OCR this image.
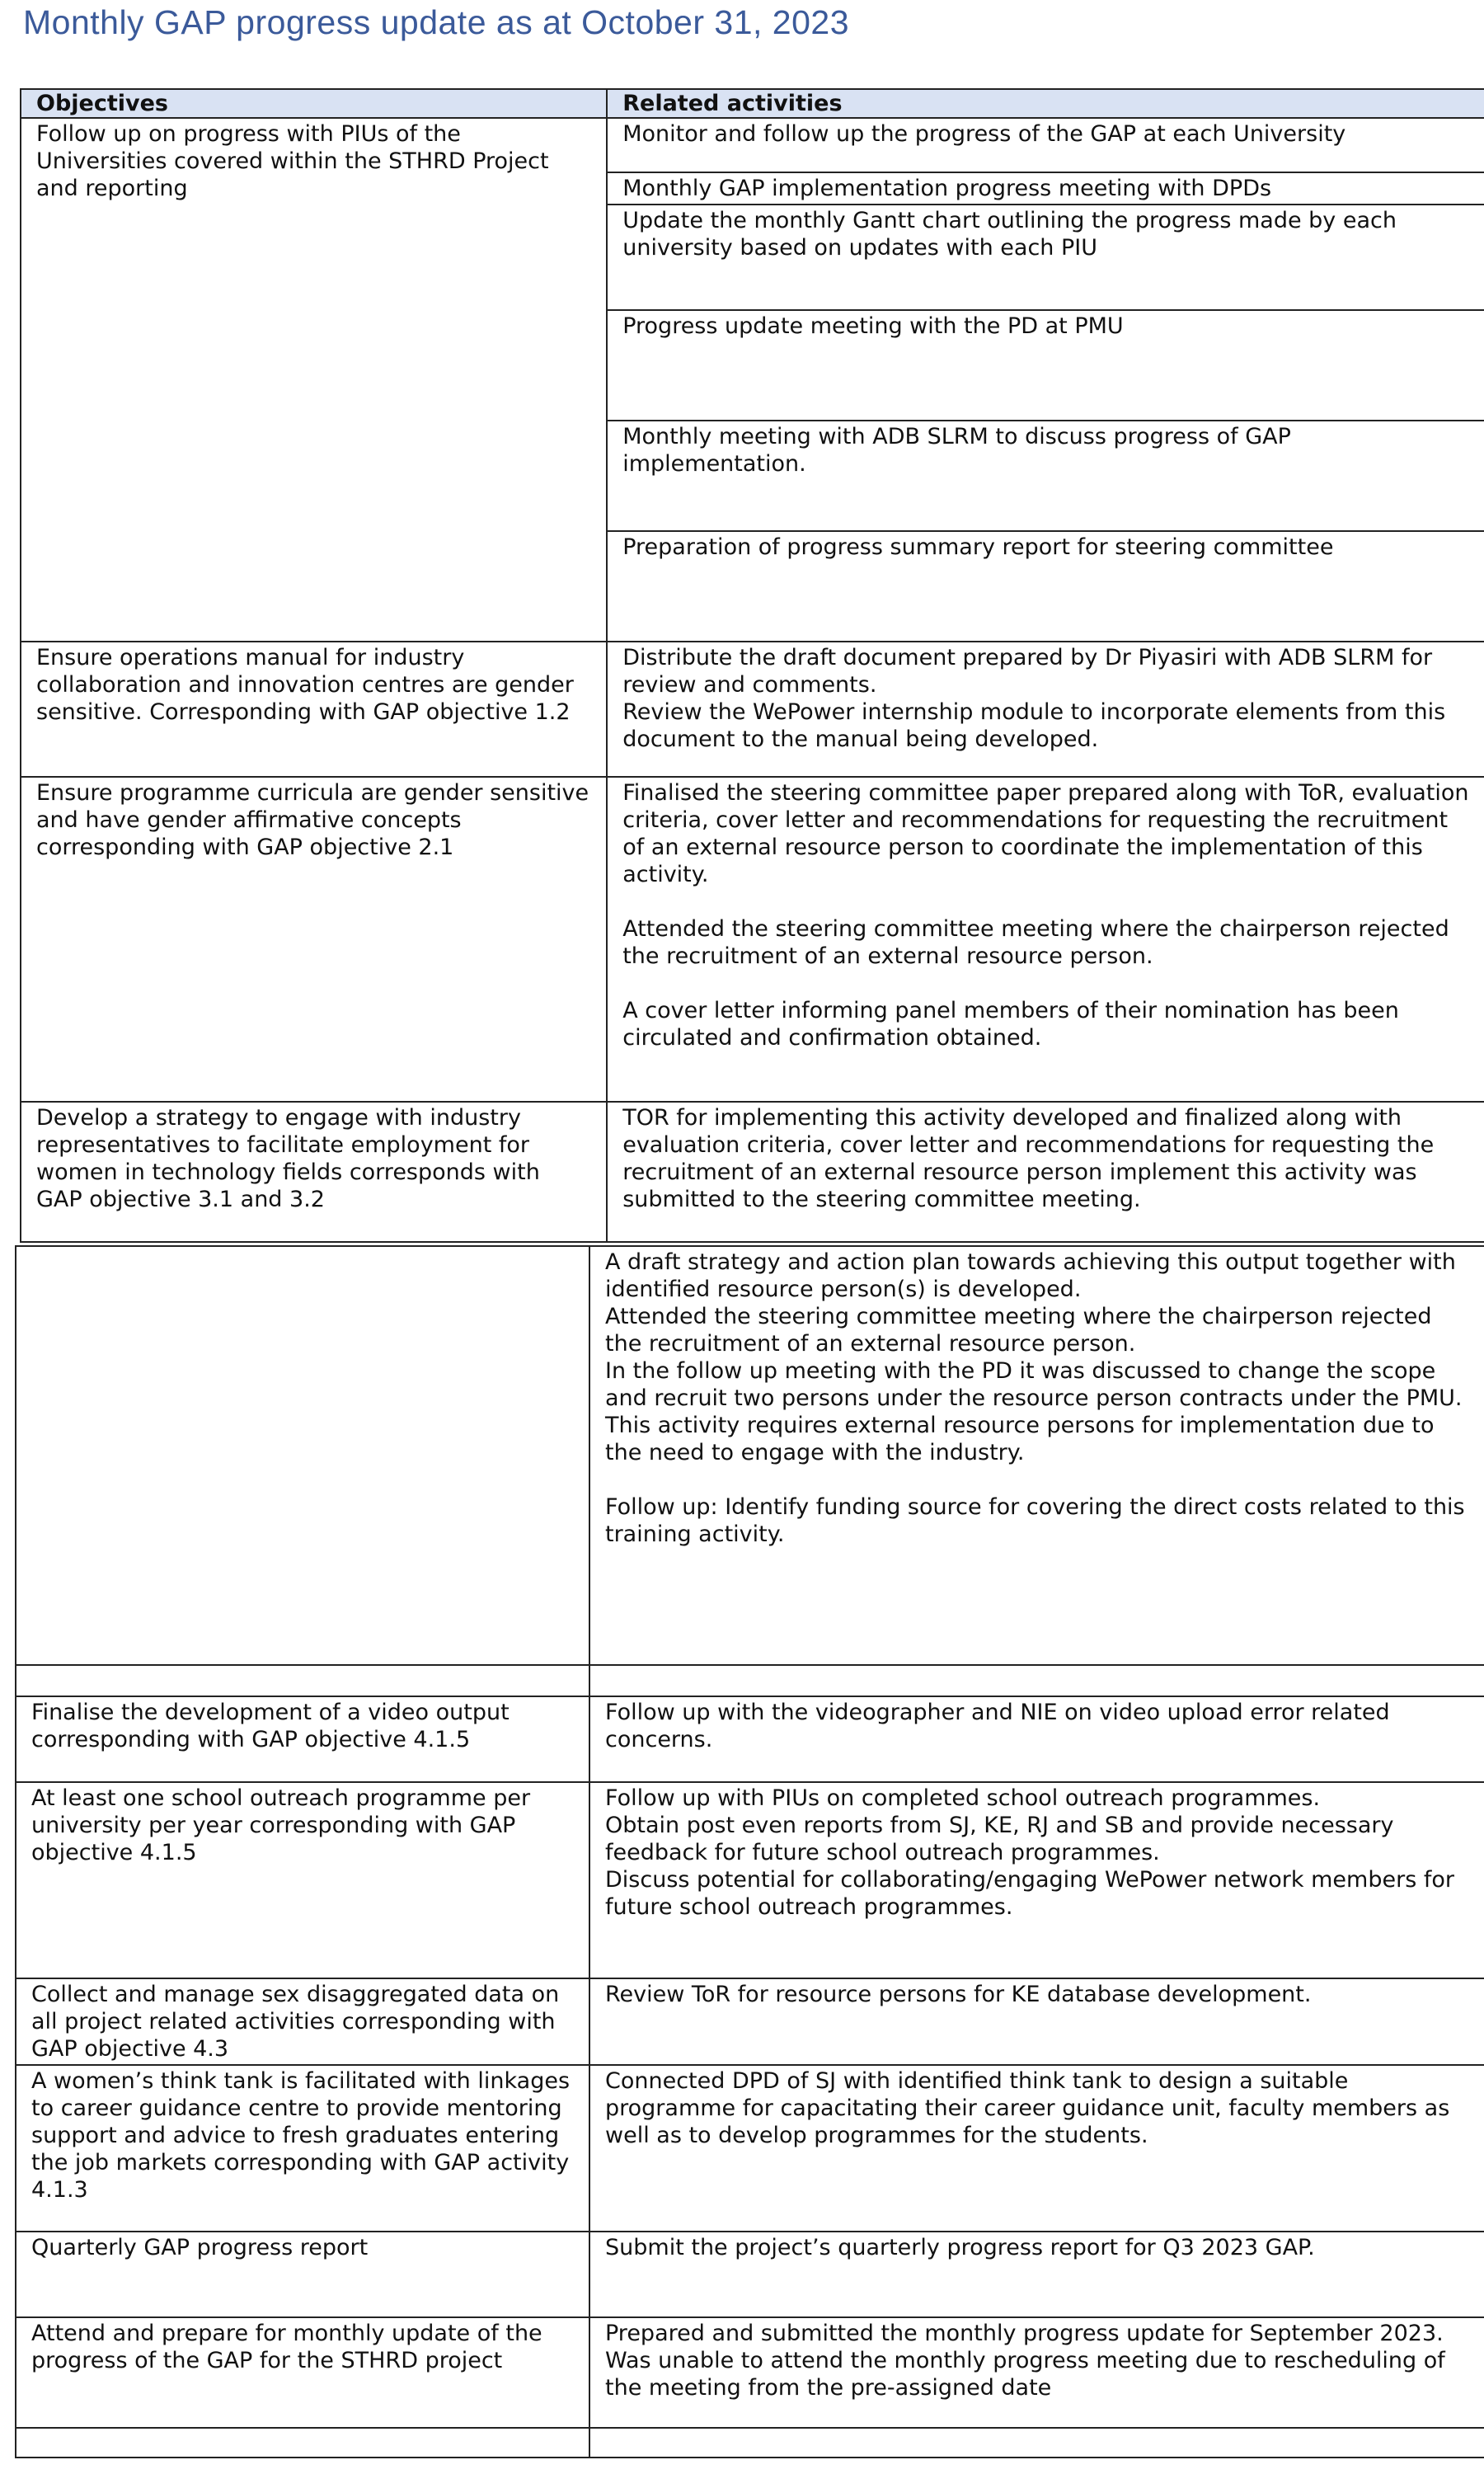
Monthly GAP progress update as at October 31, 2023
Objectives	Related activities
Follow up on progress with PIUs of the Universities covered within the STHRD Project and reporting	Monitor and follow up the progress of the GAP at each University
	Monthly GAP implementation progress meeting with DPDs
	Update the monthly Gantt chart outlining the progress made by each university based on updates with each PIU
	Progress update meeting with the PD at PMU
	Monthly meeting with ADB SLRM to discuss progress of GAP implementation.
	Preparation of progress summary report for steering committee
Ensure operations manual for industry collaboration and innovation centres are gender sensitive. Corresponding with GAP objective 1.2	Distribute the draft document prepared by Dr Piyasiri with ADB SLRM for review and comments.
Review the WePower internship module to incorporate elements from this document to the manual being developed.

Ensure programme curricula are gender sensitive and have gender affirmative concepts corresponding with GAP objective 2.1	Finalised the steering committee paper prepared along with ToR, evaluation criteria, cover letter and recommendations for requesting the recruitment of an external resource person to coordinate the implementation of this activity.
Attended the steering committee meeting where the chairperson rejected the recruitment of an external resource person.
A cover letter informing panel members of their nomination has been circulated and confirmation obtained.

Develop a strategy to engage with industry representatives to facilitate employment for women in technology fields corresponds with GAP objective 3.1 and 3.2	TOR for implementing this activity developed and finalized along with evaluation criteria, cover letter and recommendations for requesting the recruitment of an external resource person implement this activity was submitted to the steering committee meeting.

	A draft strategy and action plan towards achieving this output together with identified resource person(s) is developed.
Attended the steering committee meeting where the chairperson rejected the recruitment of an external resource person.
In the follow up meeting with the PD it was discussed to change the scope and recruit two persons under the resource person contracts under the PMU. This activity requires external resource persons for implementation due to the need to engage with the industry.
Follow up: Identify funding source for covering the direct costs related to this training activity.

Finalise the development of a video output corresponding with GAP objective 4.1.5	Follow up with the videographer and NIE on video upload error related concerns.
At least one school outreach programme per university per year corresponding with GAP objective 4.1.5	Follow up with PIUs on completed school outreach programmes.
Obtain post even reports from SJ, KE, RJ and SB and provide necessary feedback for future school outreach programmes.
Discuss potential for collaborating/engaging WePower network members for future school outreach programmes.

Collect and manage sex disaggregated data on all project related activities corresponding with GAP objective 4.3	Review ToR for resource persons for KE database development.
A women’s think tank is facilitated with linkages to career guidance centre to provide mentoring support and advice to fresh graduates entering the job markets corresponding with GAP activity 4.1.3	Connected DPD of SJ with identified think tank to design a suitable programme for capacitating their career guidance unit, faculty members as well as to develop programmes for the students.
Quarterly GAP progress report	Submit the project’s quarterly progress report for Q3 2023 GAP.
Attend and prepare for monthly update of the progress of the GAP for the STHRD project	Prepared and submitted the monthly progress update for September 2023.
Was unable to attend the monthly progress meeting due to rescheduling of the meeting from the pre-assigned date
